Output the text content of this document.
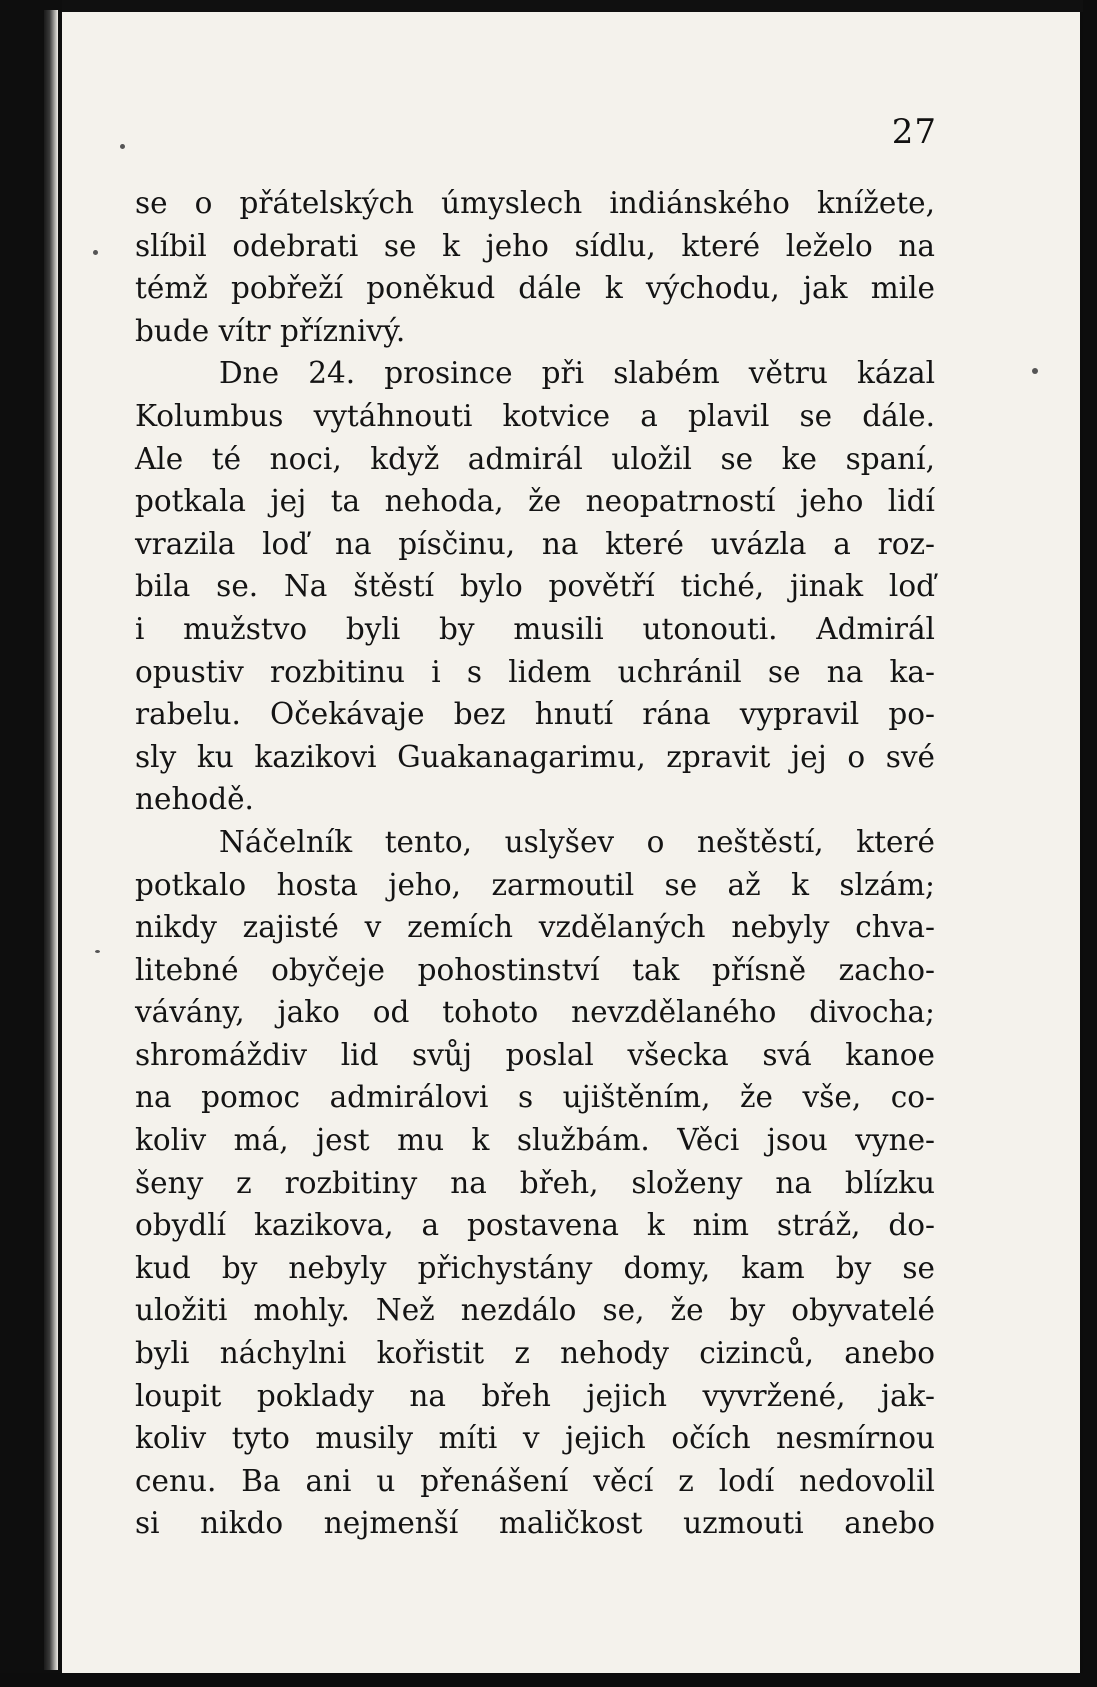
27
se o přátelských úmyslech indiánského knížete,
slíbil odebrati se k jeho sídlu, které leželo na
témž pobřeží poněkud dále k východu, jak mile
bude vítr příznivý.
Dne 24. prosince při slabém větru kázal
Kolumbus vytáhnouti kotvice a plavil se dále.
Ale té noci, když admirál uložil se ke spaní,
potkala jej ta nehoda, že neopatrností jeho lidí
vrazila loď na písčinu, na které uvázla a roz-
bila se. Na štěstí bylo povětří tiché, jinak loď
i mužstvo byli by musili utonouti. Admirál
opustiv rozbitinu i s lidem uchránil se na ka-
rabelu. Očekávaje bez hnutí rána vypravil po-
sly ku kazikovi Guakanagarimu, zpravit jej o své
nehodě.
Náčelník tento, uslyšev o neštěstí, které
potkalo hosta jeho, zarmoutil se až k slzám;
nikdy zajisté v zemích vzdělaných nebyly chva-
litebné obyčeje pohostinství tak přísně zacho-
vávány, jako od tohoto nevzdělaného divocha;
shromáždiv lid svůj poslal všecka svá kanoe
na pomoc admirálovi s ujištěním, že vše, co-
koliv má, jest mu k službám. Věci jsou vyne-
šeny z rozbitiny na břeh, složeny na blízku
obydlí kazikova, a postavena k nim stráž, do-
kud by nebyly přichystány domy, kam by se
uložiti mohly. Než nezdálo se, že by obyvatelé
byli náchylni kořistit z nehody cizinců, anebo
loupit poklady na břeh jejich vyvržené, jak-
koliv tyto musily míti v jejich očích nesmírnou
cenu. Ba ani u přenášení věcí z lodí nedovolil
si nikdo nejmenší maličkost uzmouti anebo
